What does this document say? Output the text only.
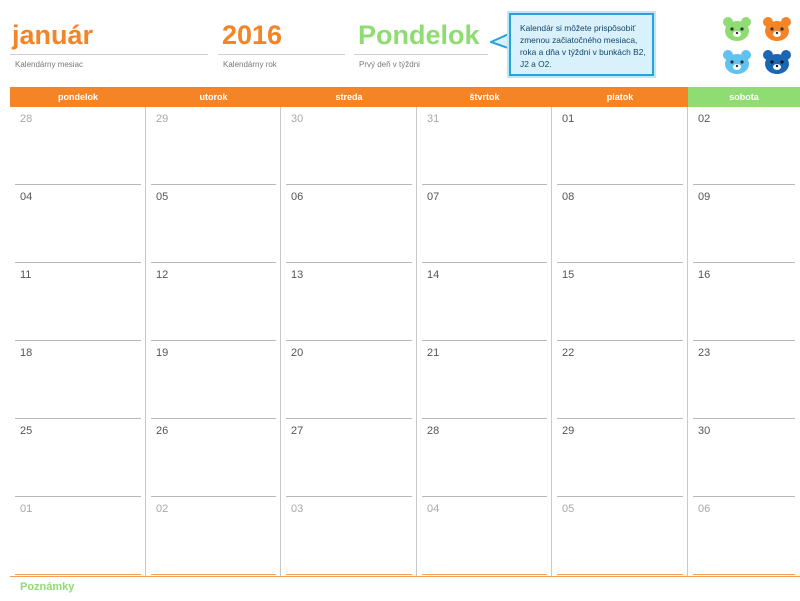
január
Kalendárny mesiac
2016
Kalendárny rok
Pondelok
Prvý deň v týždni
Kalendár si môžete prispôsobiť zmenou začiatočného mesiaca, roka a dňa v týždni v bunkách B2, J2 a O2.
pondelok	utorok	streda	štvrtok	piatok	sobota
28	29	30	31	01	02
04	05	06	07	08	09
11	12	13	14	15	16
18	19	20	21	22	23
25	26	27	28	29	30
01	02	03	04	05	06
Poznámky
